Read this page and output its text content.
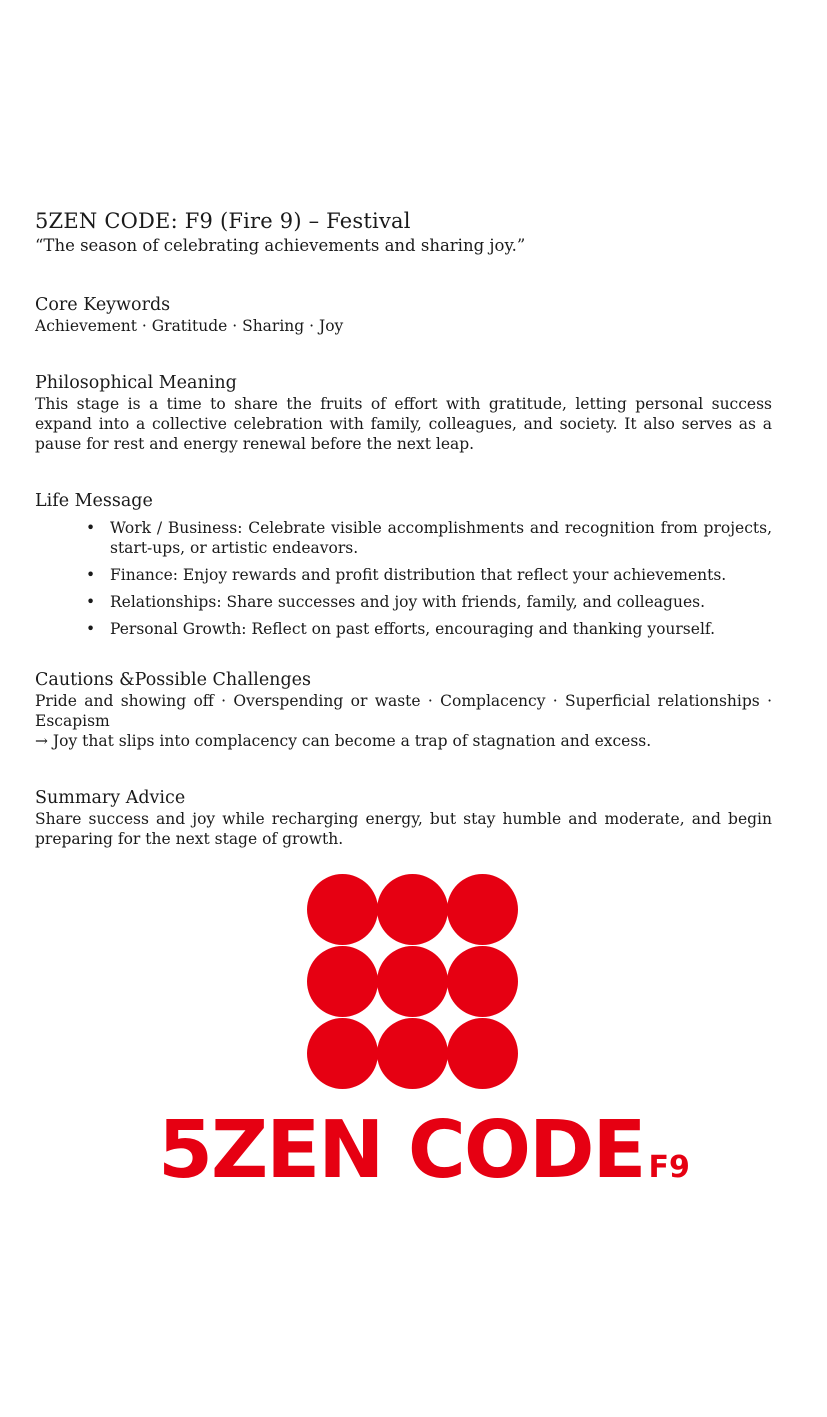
5ZEN CODE: F9 (Fire 9) – Festival

“The season of celebrating achievements and sharing joy.”

Core Keywords

Achievement · Gratitude · Sharing · Joy

Philosophical Meaning

This stage is a time to share the fruits of effort with gratitude, letting personal success expand into a collective celebration with family, colleagues, and society. It also serves as a pause for rest and energy renewal before the next leap.

Life Message
• Work / Business: Celebrate visible accomplishments and recognition from projects, start-ups, or artistic endeavors.
• Finance: Enjoy rewards and profit distribution that reflect your achievements.
• Relationships: Share successes and joy with friends, family, and colleagues.
• Personal Growth: Reflect on past efforts, encouraging and thanking yourself.
Cautions &Possible Challenges

Pride and showing off · Overspending or waste · Complacency · Superficial relationships · Escapism

→ Joy that slips into complacency can become a trap of stagnation and excess.

Summary Advice

Share success and joy while recharging energy, but stay humble and moderate, and begin preparing for the next stage of growth.

5ZEN CODE F9
